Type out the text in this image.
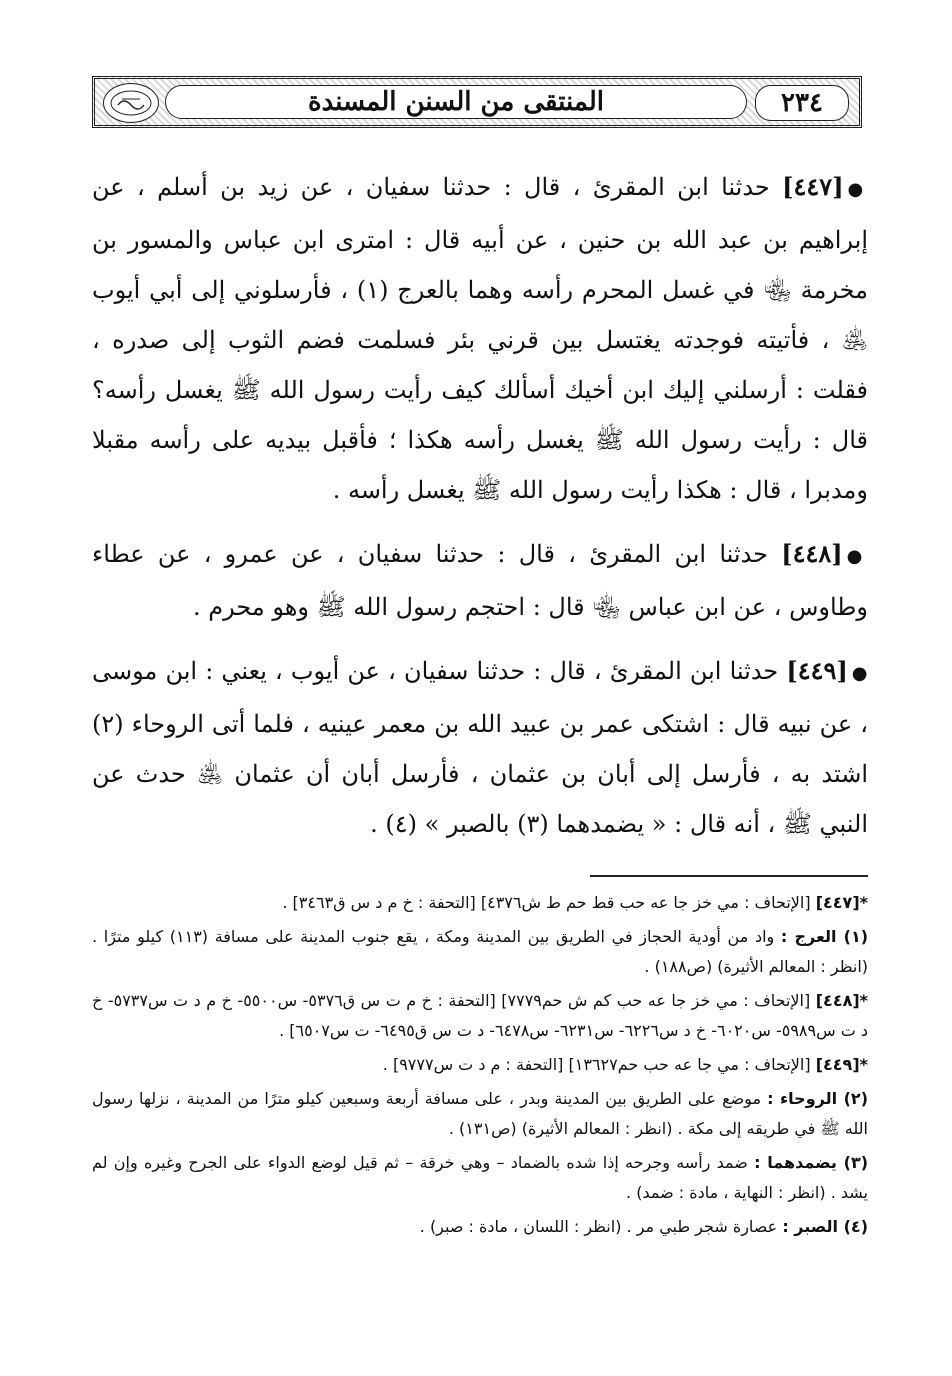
٢٣٤
المنتقى من السنن المسندة

●[٤٤٧] حدثنا ابن المقرئ ، قال : حدثنا سفيان ، عن زيد بن أسلم ، عن إبراهيم بن عبد الله بن حنين ، عن أبيه قال : امترى ابن عباس والمسور بن مخرمة ﵄ في غسل المحرم رأسه وهما بالعرج (١) ، فأرسلوني إلى أبي أيوب ﵁ ، فأتيته فوجدته يغتسل بين قرني بئر فسلمت فضم الثوب إلى صدره ، فقلت : أرسلني إليك ابن أخيك أسألك كيف رأيت رسول الله ﷺ يغسل رأسه؟ قال : رأيت رسول الله ﷺ يغسل رأسه هكذا ؛ فأقبل بيديه على رأسه مقبلا ومدبرا ، قال : هكذا رأيت رسول الله ﷺ يغسل رأسه .

●[٤٤٨] حدثنا ابن المقرئ ، قال : حدثنا سفيان ، عن عمرو ، عن عطاء وطاوس ، عن ابن عباس ﵄ قال : احتجم رسول الله ﷺ وهو محرم .

●[٤٤٩] حدثنا ابن المقرئ ، قال : حدثنا سفيان ، عن أيوب ، يعني : ابن موسى ، عن نبيه قال : اشتكى عمر بن عبيد الله بن معمر عينيه ، فلما أتى الروحاء (٢) اشتد به ، فأرسل إلى أبان بن عثمان ، فأرسل أبان أن عثمان ﵁ حدث عن النبي ﷺ ، أنه قال : « يضمدهما (٣) بالصبر » (٤) .

*[٤٤٧] [الإتحاف : مي خز جا عه حب قط حم ط ش٤٣٧٦] [التحفة : خ م د س ق٣٤٦٣] .

(١) العرج : واد من أودية الحجاز في الطريق بين المدينة ومكة ، يقع جنوب المدينة على مسافة (١١٣) كيلو مترًا . (انظر : المعالم الأثيرة) (ص١٨٨) .

*[٤٤٨] [الإتحاف : مي خز جا عه حب كم ش حم٧٧٧٩] [التحفة : خ م ت س ق٥٣٧٦- س٥٥٠٠- خ م د ت س٥٧٣٧- خ د ت س٥٩٨٩- س٦٠٢٠- خ د س٦٢٢٦- س٦٢٣١- س٦٤٧٨- د ت س ق٦٤٩٥- ت س٦٥٠٧] .

*[٤٤٩] [الإتحاف : مي جا عه حب حم١٣٦٢٧] [التحفة : م د ت س٩٧٧٧] .

(٢) الروحاء : موضع على الطريق بين المدينة وبدر ، على مسافة أربعة وسبعين كيلو مترًا من المدينة ، نزلها رسول الله ﷺ في طريقه إلى مكة . (انظر : المعالم الأثيرة) (ص١٣١) .

(٣) يضمدهما : ضمد رأسه وجرحه إذا شده بالضماد – وهي خرقة – ثم قيل لوضع الدواء على الجرح وغيره وإن لم يشد . (انظر : النهاية ، مادة : ضمد) .

(٤) الصبر : عصارة شجر طبي مر . (انظر : اللسان ، مادة : صبر) .
